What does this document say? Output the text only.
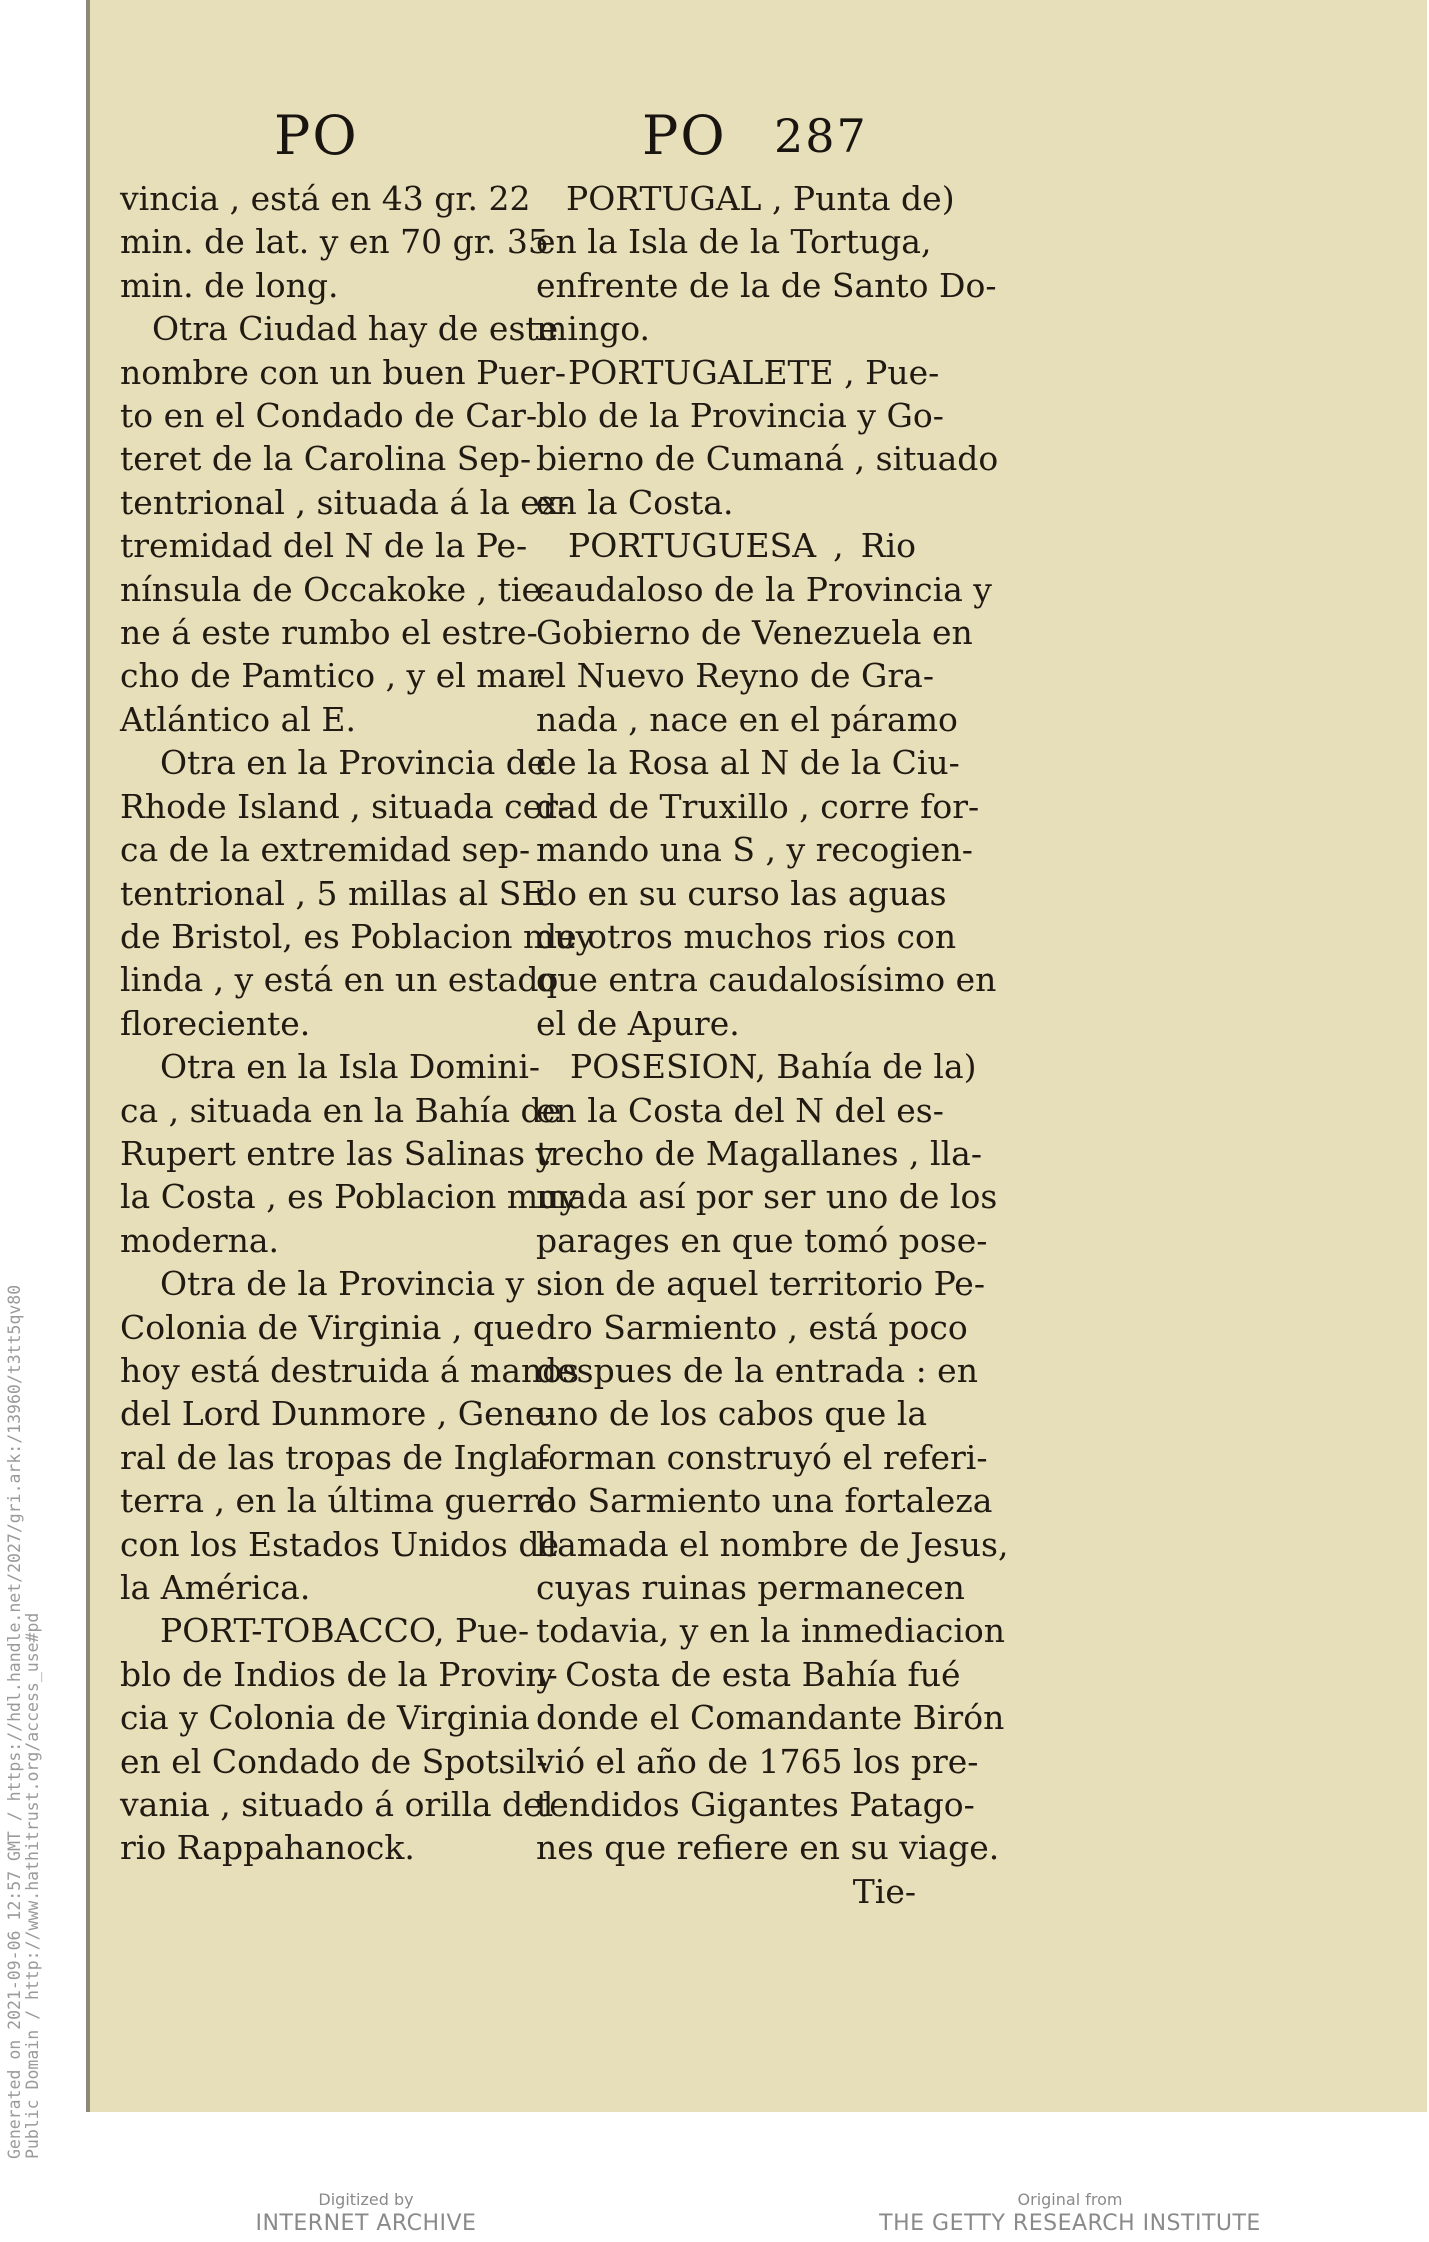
Generated on 2021-09-06 12:57 GMT / https://hdl.handle.net/2027/gri.ark:/13960/t3tt5qv80 Public Domain / http://www.hathitrust.org/access_use#pd
PO	PO 287

vincia , está en 43 gr. 22
min. de lat. y en 70 gr. 35
min. de long.

Otra Ciudad hay de este
nombre con un buen Puer-
to en el Condado de Car-
teret de la Carolina Sep-
tentrional , situada á la ex-
tremidad del N de la Pe-
nínsula de Occakoke , tie-
ne á este rumbo el estre-
cho de Pamtico , y el mar
Atlántico al E.

Otra en la Provincia de
Rhode Island , situada cer-
ca de la extremidad sep-
tentrional , 5 millas al SE
de Bristol, es Poblacion muy
linda , y está en un estado
floreciente.

Otra en la Isla Domini-
ca , situada en la Bahía de
Rupert entre las Salinas y
la Costa , es Poblacion muy
moderna.

Otra de la Provincia y
Colonia de Virginia , que
hoy está destruida á manos
del Lord Dunmore , Gene-
ral de las tropas de Ingla-
terra , en la última guerra
con los Estados Unidos de
la América.

PORT-TOBACCO, Pue-
blo de Indios de la Provin-
cia y Colonia de Virginia
en el Condado de Spotsil-
vania , situado á orilla del
rio Rappahanock.

PORTUGAL , Punta de)
en la Isla de la Tortuga,
enfrente de la de Santo Do-
mingo.

PORTUGALETE , Pue-
blo de la Provincia y Go-
bierno de Cumaná , situado
en la Costa.

PORTUGUESA , Rio
caudaloso de la Provincia y
Gobierno de Venezuela en
el Nuevo Reyno de Gra-
nada , nace en el páramo
de la Rosa al N de la Ciu-
dad de Truxillo , corre for-
mando una S , y recogien-
do en su curso las aguas
de otros muchos rios con
que entra caudalosísimo en
el de Apure.

POSESION, Bahía de la)
en la Costa del N del es-
trecho de Magallanes , lla-
mada así por ser uno de los
parages en que tomó pose-
sion de aquel territorio Pe-
dro Sarmiento , está poco
despues de la entrada : en
uno de los cabos que la
forman construyó el referi-
do Sarmiento una fortaleza
llamada el nombre de Jesus,
cuyas ruinas permanecen
todavia, y en la inmediacion
y Costa de esta Bahía fué
donde el Comandante Birón
vió el año de 1765 los pre-
tendidos Gigantes Patago-
nes que refiere en su viage.
Tie-

Digitized by
INTERNET ARCHIVE
Original from
THE GETTY RESEARCH INSTITUTE
